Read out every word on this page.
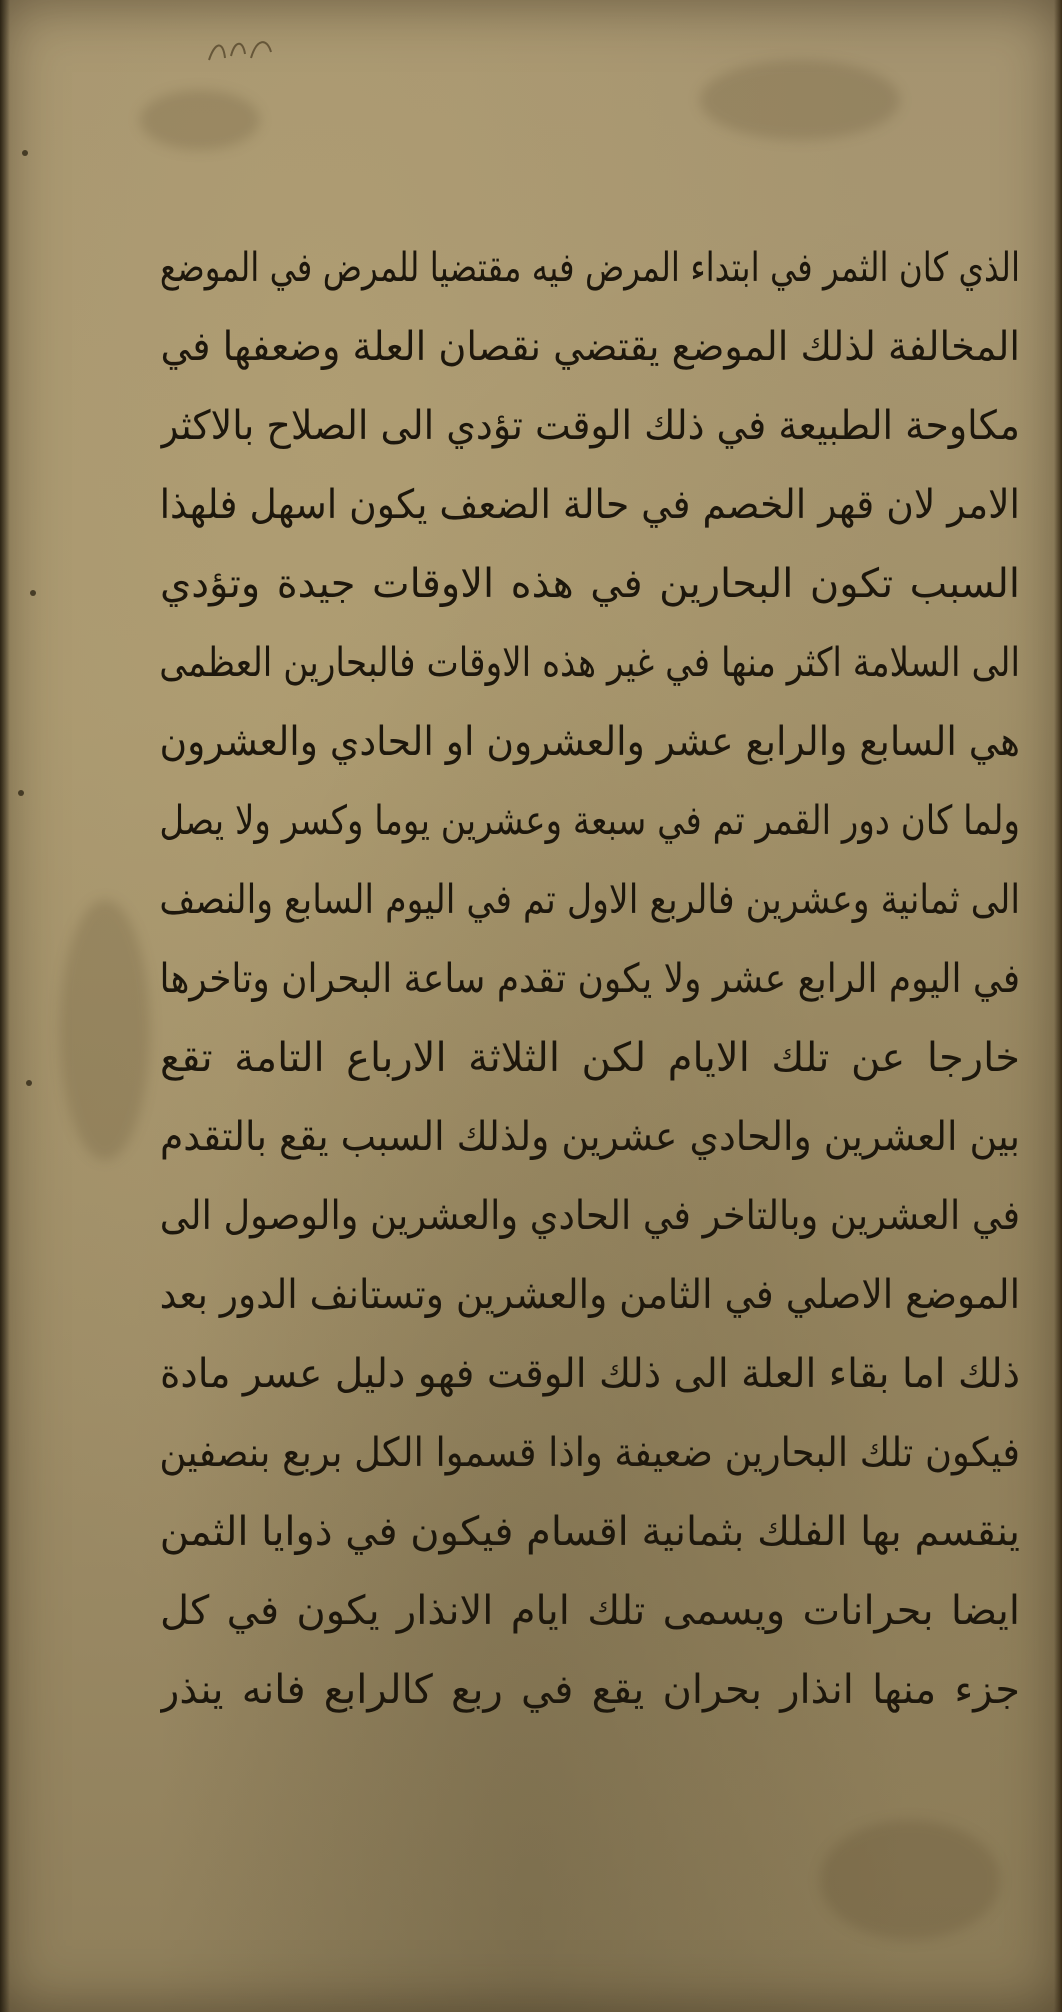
الذي كان الثمر في ابتداء المرض فيه مقتضيا للمرض في الموضع
المخالفة لذلك الموضع يقتضي نقصان العلة وضعفها في
مكاوحة الطبيعة في ذلك الوقت تؤدي الى الصلاح بالاكثر
الامر لان قهر الخصم في حالة الضعف يكون اسهل فلهذا
السبب تكون البحارين في هذه الاوقات جيدة وتؤدي
الى السلامة اكثر منها في غير هذه الاوقات فالبحارين العظمى
هي السابع والرابع عشر والعشرون او الحادي والعشرون
ولما كان دور القمر تم في سبعة وعشرين يوما وكسر ولا يصل
الى ثمانية وعشرين فالربع الاول تم في اليوم السابع والنصف
في اليوم الرابع عشر ولا يكون تقدم ساعة البحران وتاخرها
خارجا عن تلك الايام لكن الثلاثة الارباع التامة تقع
بين العشرين والحادي عشرين ولذلك السبب يقع بالتقدم
في العشرين وبالتاخر في الحادي والعشرين والوصول الى
الموضع الاصلي في الثامن والعشرين وتستانف الدور بعد
ذلك اما بقاء العلة الى ذلك الوقت فهو دليل عسر مادة
فيكون تلك البحارين ضعيفة واذا قسموا الكل بربع بنصفين
ينقسم بها الفلك بثمانية اقسام فيكون في ذوايا الثمن
ايضا بحرانات ويسمى تلك ايام الانذار يكون في كل
جزء منها انذار بحران يقع في ربع كالرابع فانه ينذر
